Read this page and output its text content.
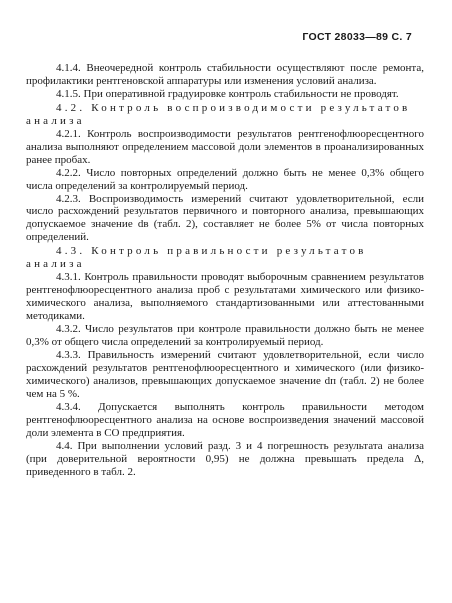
ГОСТ 28033—89 С. 7

4.1.4. Внеочередной контроль стабильности осуществляют после ремонта, профилактики рентгеновской аппаратуры или изменения условий анализа.

4.1.5. При оперативной градуировке контроль стабильности не проводят.

4.2. Контроль воспроизводимости результатов анализа

4.2.1. Контроль воспроизводимости результатов рентгенофлюоресцентного анализа выполняют определением массовой доли элементов в проанализированных ранее пробах.

4.2.2. Число повторных определений должно быть не менее 0,3% общего числа определений за контролируемый период.

4.2.3. Воспроизводимость измерений считают удовлетворительной, если число расхождений результатов первичного и повторного анализа, превышающих допускаемое значение dв (табл. 2), составляет не более 5% от числа повторных определений.

4.3. Контроль правильности результатов анализа

4.3.1. Контроль правильности проводят выборочным сравнением результатов рентгенофлюоресцентного анализа проб с результатами химического или физико-химического анализа, выполняемого стандартизованными или аттестованными методиками.

4.3.2. Число результатов при контроле правильности должно быть не менее 0,3% от общего числа определений за контролируемый период.

4.3.3. Правильность измерений считают удовлетворительной, если число расхождений результатов рентгенофлюоресцентного и химического (или физико-химического) анализов, превышающих допускаемое значение dп (табл. 2) не более чем на 5 %.

4.3.4. Допускается выполнять контроль правильности методом рентгенофлюоресцентного анализа на основе воспроизведения значений массовой доли элемента в СО предприятия.

4.4. При выполнении условий разд. 3 и 4 погрешность результата анализа (при доверительной вероятности 0,95) не должна превышать предела Δ, приведенного в табл. 2.
